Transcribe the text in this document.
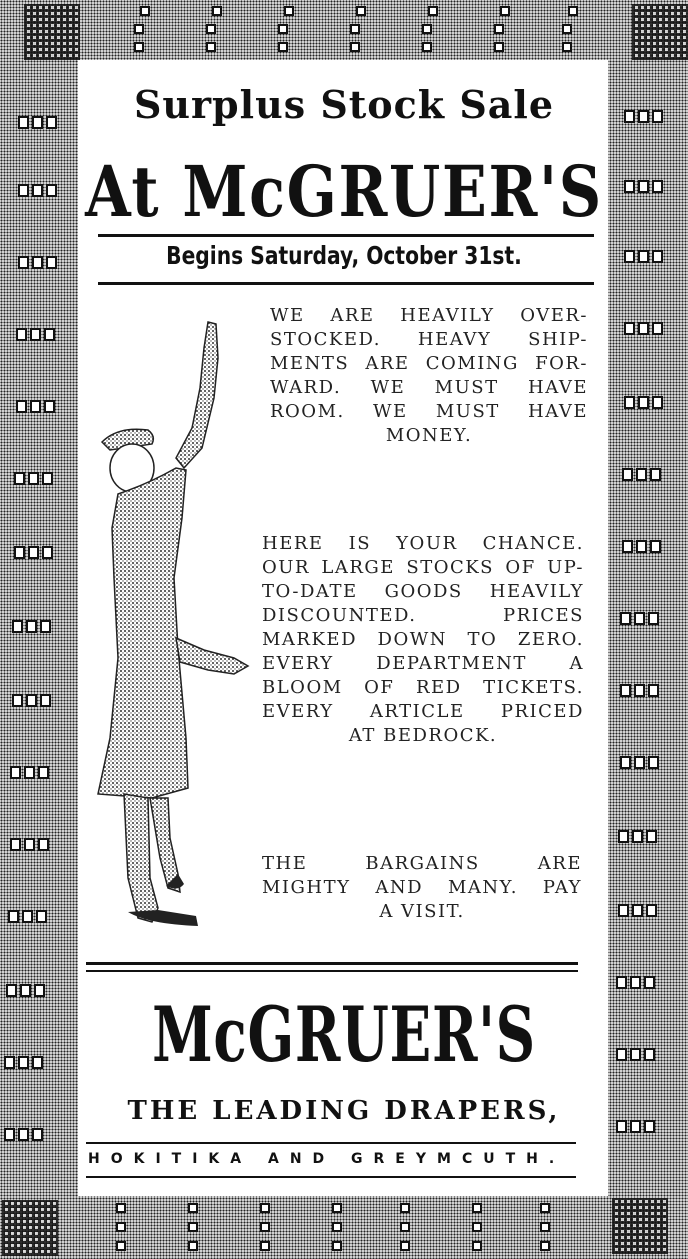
Surplus Stock Sale
At McGRUER'S
Begins Saturday, October 31st.
WE ARE HEAVILY OVER-
STOCKED. HEAVY SHIP-
MENTS ARE COMING FOR-
WARD. WE MUST HAVE
ROOM. WE MUST HAVE
MONEY.
HERE IS YOUR CHANCE.
OUR LARGE STOCKS OF UP-
TO-DATE GOODS HEAVILY
DISCOUNTED. PRICES
MARKED DOWN TO ZERO.
EVERY DEPARTMENT A
BLOOM OF RED TICKETS.
EVERY ARTICLE PRICED
AT BEDROCK.
THE BARGAINS ARE
MIGHTY AND MANY. PAY
A VISIT.
McGRUER'S
THE LEADING DRAPERS,
HOKITIKA AND GREYMCUTH.
